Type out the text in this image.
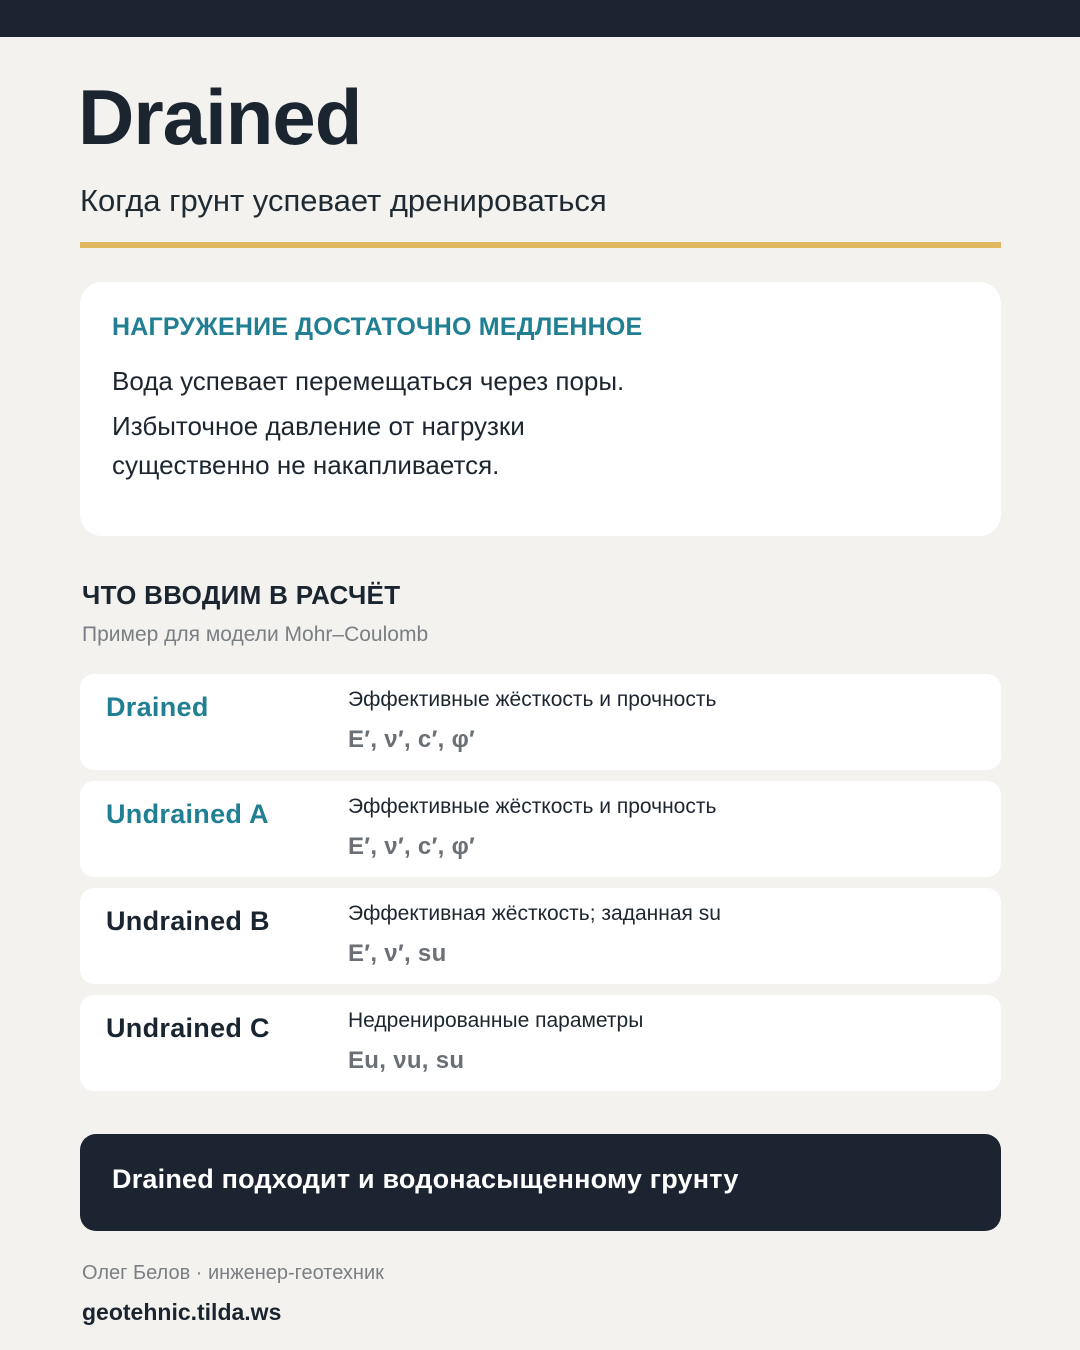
Drained
Когда грунт успевает дренироваться
НАГРУЖЕНИЕ ДОСТАТОЧНО МЕДЛЕННОЕ
Вода успевает перемещаться через поры.
Избыточное давление от нагрузки
существенно не накапливается.
ЧТО ВВОДИМ В РАСЧЁТ
Пример для модели Mohr–Coulomb
Drained	Эффективные жёсткость и прочность
E′, ν′, c′, φ′
Undrained A	Эффективные жёсткость и прочность
E′, ν′, c′, φ′
Undrained B	Эффективная жёсткость; заданная su
E′, ν′, su
Undrained C	Недренированные параметры
Eu, νu, su
Drained подходит и водонасыщенному грунту
Олег Белов · инженер-геотехник
geotehnic.tilda.ws
